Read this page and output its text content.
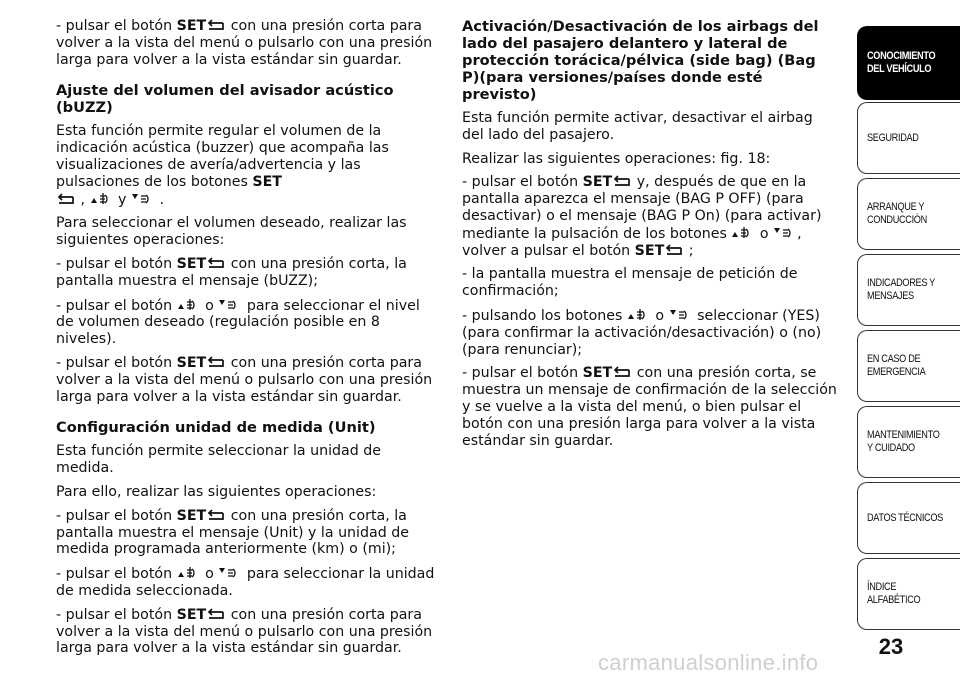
- pulsar el botón SET con una presión corta para volver a la vista del menú o pulsarlo con una presión larga para volver a la vista estándar sin guardar.

Ajuste del volumen del avisador acústico (bUZZ)

Esta función permite regular el volumen de la indicación acústica (buzzer) que acompaña las visualizaciones de avería/advertencia y las pulsaciones de los botones SET
,  y  .

Para seleccionar el volumen deseado, realizar las siguientes operaciones:

- pulsar el botón SET con una presión corta, la pantalla muestra el mensaje (bUZZ);

- pulsar el botón  o  para seleccionar el nivel de volumen deseado (regulación posible en 8 niveles).

- pulsar el botón SET con una presión corta para volver a la vista del menú o pulsarlo con una presión larga para volver a la vista estándar sin guardar.

Configuración unidad de medida (Unit)

Esta función permite seleccionar la unidad de medida.

Para ello, realizar las siguientes operaciones:

- pulsar el botón SET con una presión corta, la pantalla muestra el mensaje (Unit) y la unidad de medida programada anteriormente (km) o (mi);

- pulsar el botón  o  para seleccionar la unidad de medida seleccionada.

- pulsar el botón SET con una presión corta para volver a la vista del menú o pulsarlo con una presión larga para volver a la vista estándar sin guardar.

Activación/Desactivación de los airbags del lado del pasajero delantero y lateral de protección torácica/pélvica (side bag) (Bag P)(para versiones/países donde esté previsto)

Esta función permite activar, desactivar el airbag del lado del pasajero.

Realizar las siguientes operaciones: fig. 18:

- pulsar el botón SET y, después de que en la pantalla aparezca el mensaje (BAG P OFF) (para desactivar) o el mensaje (BAG P On) (para activar) mediante la pulsación de los botones  o , volver a pulsar el botón SET ;

- la pantalla muestra el mensaje de petición de confirmación;

- pulsando los botones  o  seleccionar (YES) (para confirmar la activación/desactivación) o (no) (para renunciar);

- pulsar el botón SET con una presión corta, se muestra un mensaje de confirmación de la selección y se vuelve a la vista del menú, o bien pulsar el botón con una presión larga para volver a la vista estándar sin guardar.

CONOCIMIENTO DEL VEHÍCULO
SEGURIDAD
ARRANQUE Y CONDUCCIÓN
INDICADORES Y MENSAJES
EN CASO DE EMERGENCIA
MANTENIMIENTO Y CUIDADO
DATOS TÉCNICOS
ÍNDICE ALFABÉTICO
23
carmanualsonline.info
